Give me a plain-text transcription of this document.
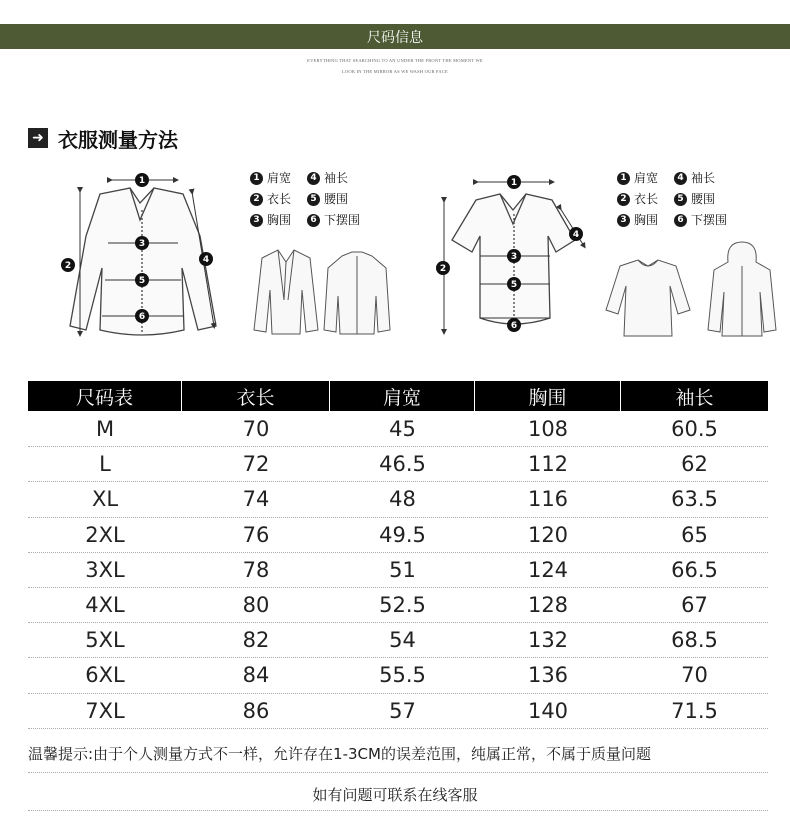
尺码信息
EVERYTHING THAT SEARCHING TO AN UNDER THE FRONT THE MOMENT WE
LOOK IN THE MIRROR AS WE WASH OUR FACE
➜ 衣服测量方法
1
2
3
4
5
6
1
2
3
4
5
6
1 肩宽	4 袖长
2 衣长	5 腰围
3 胸围	6 下摆围
1 肩宽	4 袖长
2 衣长	5 腰围
3 胸围	6 下摆围
尺码表	衣长	肩宽	胸围	袖长
M	70	45	108	60.5
L	72	46.5	112	62
XL	74	48	116	63.5
2XL	76	49.5	120	65
3XL	78	51	124	66.5
4XL	80	52.5	128	67
5XL	82	54	132	68.5
6XL	84	55.5	136	70
7XL	86	57	140	71.5
温馨提示:由于个人测量方式不一样，允许存在1-3CM的误差范围，纯属正常，不属于质量问题
如有问题可联系在线客服
